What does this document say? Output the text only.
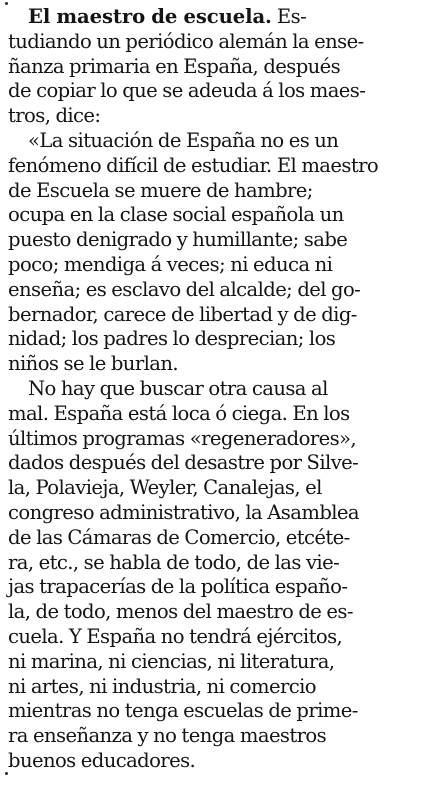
El maestro de escuela. Es-
tudiando un periódico alemán la ense-
ñanza primaria en España, después
de copiar lo que se adeuda á los maes-
tros, dice:
«La situación de España no es un
fenómeno difícil de estudiar. El maestro
de Escuela se muere de hambre;
ocupa en la clase social española un
puesto denigrado y humillante; sabe
poco; mendiga á veces; ni educa ni
enseña; es esclavo del alcalde; del go-
bernador, carece de libertad y de dig-
nidad; los padres lo desprecian; los
niños se le burlan.
No hay que buscar otra causa al
mal. España está loca ó ciega. En los
últimos programas «regeneradores»,
dados después del desastre por Silve-
la, Polavieja, Weyler, Canalejas, el
congreso administrativo, la Asamblea
de las Cámaras de Comercio, etcéte-
ra, etc., se habla de todo, de las vie-
jas trapacerías de la política españo-
la, de todo, menos del maestro de es-
cuela. Y España no tendrá ejércitos,
ni marina, ni ciencias, ni literatura,
ni artes, ni industria, ni comercio
mientras no tenga escuelas de prime-
ra enseñanza y no tenga maestros
buenos educadores.
